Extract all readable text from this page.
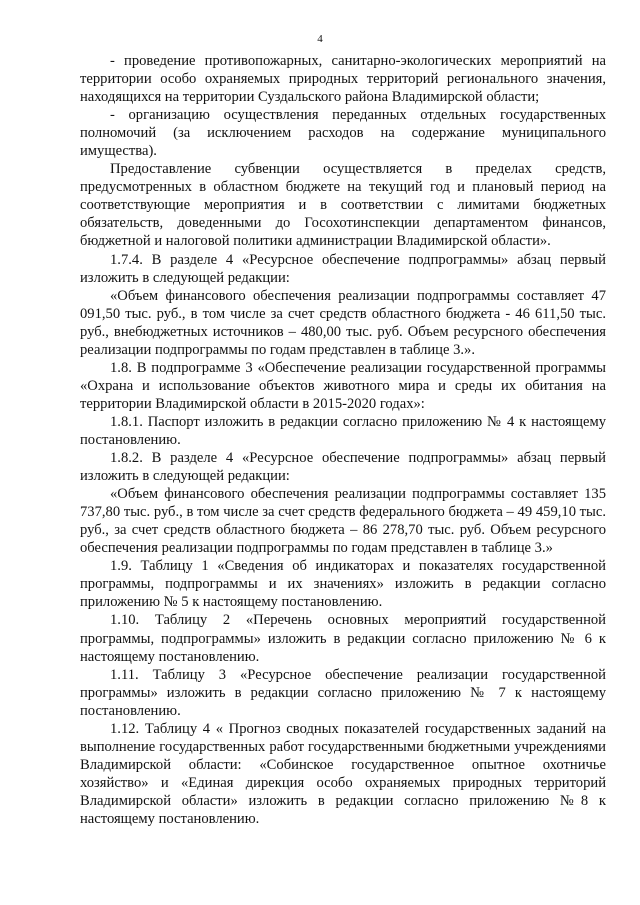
4

- проведение противопожарных, санитарно-экологических мероприятий на территории особо охраняемых природных территорий регионального значения, находящихся на территории Суздальского района Владимирской области;

- организацию осуществления переданных отдельных государственных полномочий (за исключением расходов на содержание муниципального имущества).

Предоставление субвенции осуществляется в пределах средств, предусмотренных в областном бюджете на текущий год и плановый период на соответствующие мероприятия и в соответствии с лимитами бюджетных обязательств, доведенными до Госохотинспекции департаментом финансов, бюджетной и налоговой политики администрации Владимирской области».

1.7.4. В разделе 4 «Ресурсное обеспечение подпрограммы» абзац первый изложить в следующей редакции:

«Объем финансового обеспечения реализации подпрограммы составляет 47 091,50 тыс. руб., в том числе за счет средств областного бюджета - 46 611,50 тыс. руб., внебюджетных источников – 480,00 тыс. руб. Объем ресурсного обеспечения реализации подпрограммы по годам представлен в таблице 3.».

1.8. В подпрограмме 3 «Обеспечение реализации государственной программы «Охрана и использование объектов животного мира и среды их обитания на территории Владимирской области в 2015-2020 годах»:

1.8.1. Паспорт изложить в редакции согласно приложению № 4 к настоящему постановлению.

1.8.2. В разделе 4 «Ресурсное обеспечение подпрограммы» абзац первый изложить в следующей редакции:

«Объем финансового обеспечения реализации подпрограммы составляет 135 737,80 тыс. руб., в том числе за счет средств федерального бюджета – 49 459,10 тыс. руб., за счет средств областного бюджета – 86 278,70 тыс. руб. Объем ресурсного обеспечения реализации подпрограммы по годам представлен в таблице 3.»

1.9. Таблицу 1 «Сведения об индикаторах и показателях государственной программы, подпрограммы и их значениях» изложить в редакции согласно приложению № 5 к настоящему постановлению.

1.10. Таблицу 2 «Перечень основных мероприятий государственной программы, подпрограммы» изложить в редакции согласно приложению № 6 к настоящему постановлению.

1.11. Таблицу 3 «Ресурсное обеспечение реализации государственной программы» изложить в редакции согласно приложению № 7 к настоящему постановлению.

1.12. Таблицу 4 « Прогноз сводных показателей государственных заданий на выполнение государственных работ государственными бюджетными учреждениями Владимирской области: «Собинское государственное опытное охотничье хозяйство» и «Единая дирекция особо охраняемых природных территорий Владимирской области» изложить в редакции согласно приложению №8 к настоящему постановлению.
